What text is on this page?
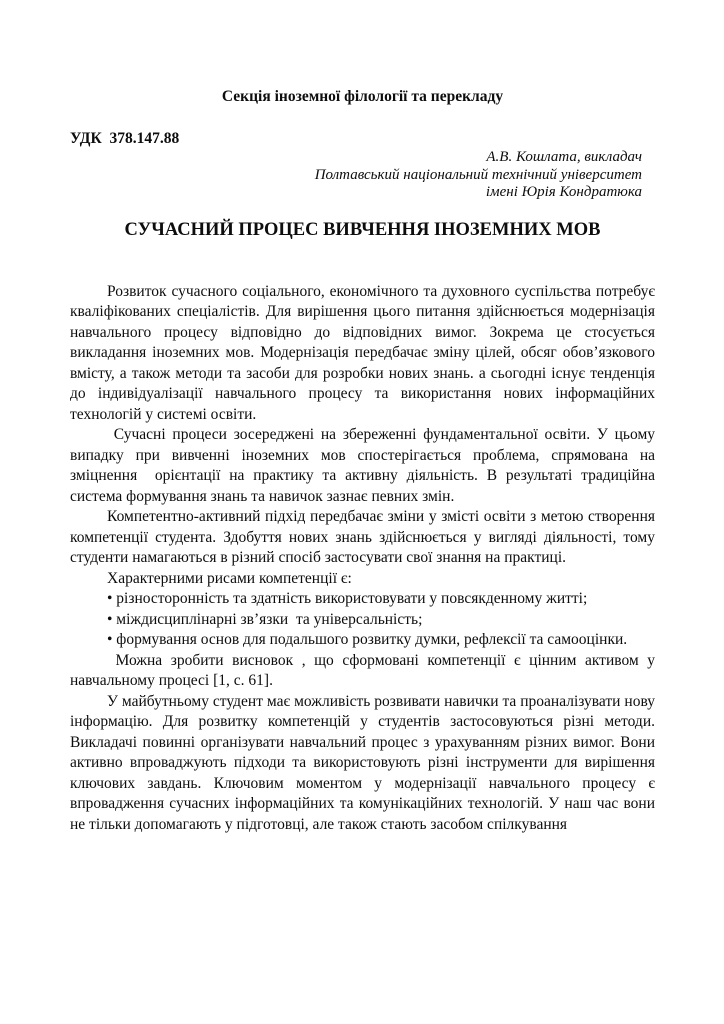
Секція іноземної філології та перекладу
УДК  378.147.88
А.В. Кошлата, викладач
Полтавський національний технічний університет
імені Юрія Кондратюка
СУЧАСНИЙ ПРОЦЕС ВИВЧЕННЯ ІНОЗЕМНИХ МОВ

Розвиток сучасного соціального, економічного та духовного суспільства потребує кваліфікованих спеціалістів. Для вирішення цього питання здійснюється модернізація навчального процесу відповідно до відповідних вимог. Зокрема це стосується викладання іноземних мов. Модернізація передбачає зміну цілей, обсяг обов’язкового вмісту, а також методи та засоби для розробки нових знань. а сьогодні існує тенденція до індивідуалізації навчального процесу та використання нових інформаційних технологій у системі освіти.

Сучасні процеси зосереджені на збереженні фундаментальної освіти. У цьому випадку при вивченні іноземних мов спостерігається проблема, спрямована на зміцнення  орієнтації на практику та активну діяльність. В результаті традиційна система формування знань та навичок зазнає певних змін.

Компетентно-активний підхід передбачає зміни у змісті освіти з метою створення компетенції студента. Здобуття нових знань здійснюється у вигляді діяльності, тому студенти намагаються в різний спосіб застосувати свої знання на практиці.

Характерними рисами компетенції є:

• різносторонність та здатність використовувати у повсякденному житті;

• міждисциплінарні зв’язки  та універсальність;

• формування основ для подальшого розвитку думки, рефлексії та самооцінки.

Можна зробити висновок , що сформовані компетенції є цінним активом у навчальному процесі [1, с. 61].

У майбутньому студент має можливість розвивати навички та проаналізувати нову інформацію. Для розвитку компетенцій у студентів застосовуються різні методи. Викладачі повинні організувати навчальний процес з урахуванням різних вимог. Вони активно впроваджують підходи та використовують різні інструменти для вирішення ключових завдань. Ключовим моментом у модернізації навчального процесу є впровадження сучасних інформаційних та комунікаційних технологій. У наш час вони не тільки допомагають у підготовці, але також стають засобом спілкування
